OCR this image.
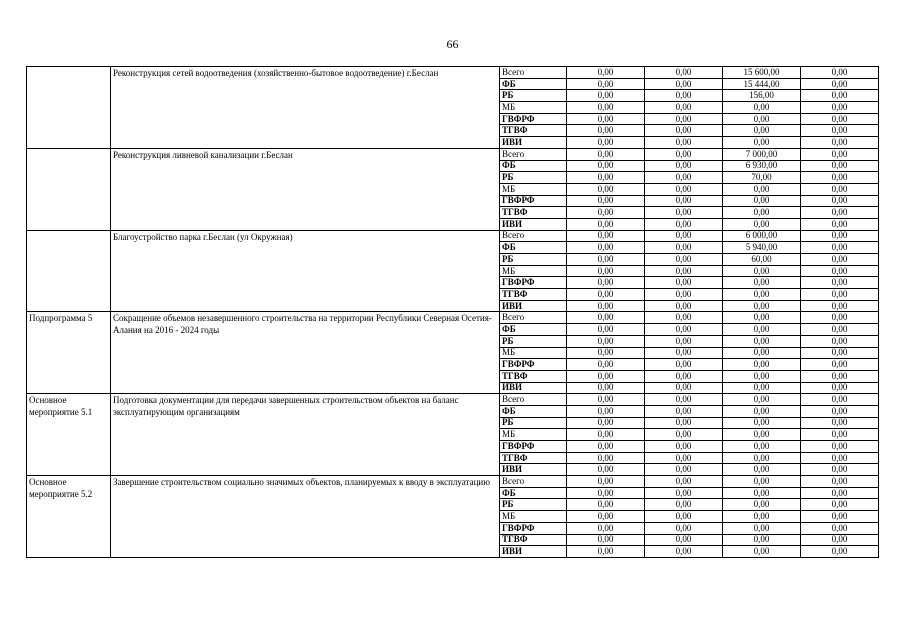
66
	Реконструкция сетей водоотведения (хозяйственно-бытовое водоотведение) г.Беслан	Всего	0,00	0,00	15 600,00	0,00
		ФБ	0,00	0,00	15 444,00	0,00
		РБ	0,00	0,00	156,00	0,00
		МБ	0,00	0,00	0,00	0,00
		ГВФРФ	0,00	0,00	0,00	0,00
		ТГВФ	0,00	0,00	0,00	0,00
		ИВИ	0,00	0,00	0,00	0,00
	Реконструкция ливневой канализации г.Беслан	Всего	0,00	0,00	7 000,00	0,00
		ФБ	0,00	0,00	6 930,00	0,00
		РБ	0,00	0,00	70,00	0,00
		МБ	0,00	0,00	0,00	0,00
		ГВФРФ	0,00	0,00	0,00	0,00
		ТГВФ	0,00	0,00	0,00	0,00
		ИВИ	0,00	0,00	0,00	0,00
	Благоустройство парка г.Беслан (ул Окружная)	Всего	0,00	0,00	6 000,00	0,00
		ФБ	0,00	0,00	5 940,00	0,00
		РБ	0,00	0,00	60,00	0,00
		МБ	0,00	0,00	0,00	0,00
		ГВФРФ	0,00	0,00	0,00	0,00
		ТГВФ	0,00	0,00	0,00	0,00
		ИВИ	0,00	0,00	0,00	0,00
Подпрограмма 5	Сокращение объемов незавершенного строительства на территории Республики Северная Осетия-Алания на 2016 - 2024 годы	Всего	0,00	0,00	0,00	0,00
		ФБ	0,00	0,00	0,00	0,00
		РБ	0,00	0,00	0,00	0,00
		МБ	0,00	0,00	0,00	0,00
		ГВФРФ	0,00	0,00	0,00	0,00
		ТГВФ	0,00	0,00	0,00	0,00
		ИВИ	0,00	0,00	0,00	0,00
Основное мероприятие 5.1	Подготовка документации для передачи завершенных строительством объектов на баланс эксплуатирующим организациям	Всего	0,00	0,00	0,00	0,00
		ФБ	0,00	0,00	0,00	0,00
		РБ	0,00	0,00	0,00	0,00
		МБ	0,00	0,00	0,00	0,00
		ГВФРФ	0,00	0,00	0,00	0,00
		ТГВФ	0,00	0,00	0,00	0,00
		ИВИ	0,00	0,00	0,00	0,00
Основное мероприятие 5.2	Завершение строительством социально значимых объектов, планируемых к вводу в эксплуатацию	Всего	0,00	0,00	0,00	0,00
		ФБ	0,00	0,00	0,00	0,00
		РБ	0,00	0,00	0,00	0,00
		МБ	0,00	0,00	0,00	0,00
		ГВФРФ	0,00	0,00	0,00	0,00
		ТГВФ	0,00	0,00	0,00	0,00
		ИВИ	0,00	0,00	0,00	0,00
